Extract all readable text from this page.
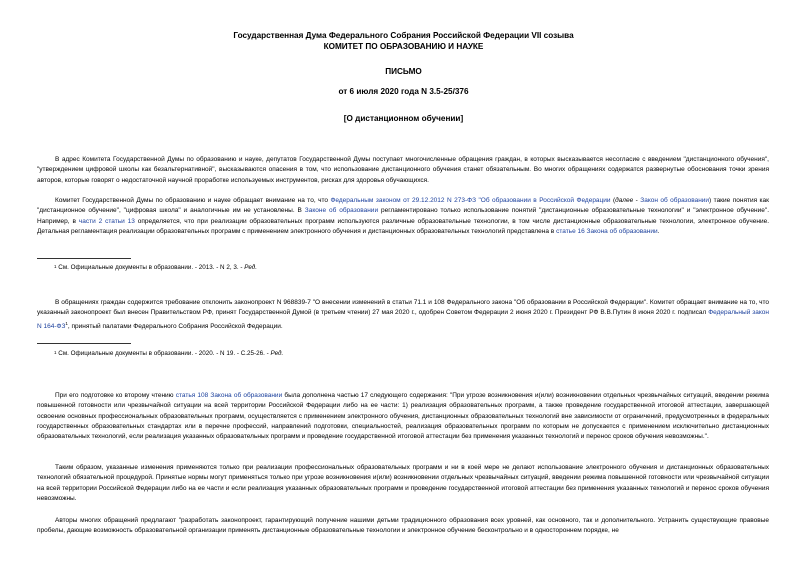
Государственная Дума Федерального Собрания Российской Федерации VII созыва
КОМИТЕТ ПО ОБРАЗОВАНИЮ И НАУКЕ
ПИСЬМО
от 6 июля 2020 года N 3.5-25/376
[О дистанционном обучении]

В адрес Комитета Государственной Думы по образованию и науке, депутатов Государственной Думы поступает многочисленные обращения граждан, в которых высказывается несогласие с введением "дистанционного обучения", "утверждением цифровой школы как безальтернативной", высказываются опасения в том, что использование дистанционного обучения станет обязательным. Во многих обращениях содержатся развернутые обоснования точки зрения авторов, которые говорят о недостаточной научной проработке используемых инструментов, рисках для здоровья обучающихся.

Комитет Государственной Думы по образованию и науке обращает внимание на то, что Федеральным законом от 29.12.2012 N 273-ФЗ "Об образовании в Российской Федерации (далее - Закон об образовании) такие понятия как "дистанционное обучение", "цифровая школа" и аналогичные им не установлены. В Законе об образовании регламентировано только использование понятий "дистанционные образовательные технологии" и "электронное обучение". Например, в части 2 статьи 13 определяется, что при реализации образовательных программ используются различные образовательные технологии, в том числе дистанционные образовательные технологии, электронное обучение. Детальная регламентация реализации образовательных программ с применением электронного обучения и дистанционных образовательных технологий представлена в статье 16 Закона об образовании.

$^1$ См. Официальные документы в образовании. - 2013. - N 2, 3. - Ред.

В обращениях граждан содержится требование отклонить законопроект N 968839-7 "О внесении изменений в статьи 71.1 и 108 Федерального закона "Об образовании в Российской Федерации". Комитет обращает внимание на то, что указанный законопроект был внесен Правительством РФ, принят Государственной Думой (в третьем чтении) 27 мая 2020 г., одобрен Советом Федерации 2 июня 2020 г. Президент РФ В.В.Путин 8 июня 2020 г. подписал Федеральный закон N $164-ФЗ^1$, принятый палатами Федерального Собрания Российской Федерации.

$^1$ См. Официальные документы в образовании. - 2020. - N 19. - С.25-26. - Ред.

При его подготовке ко второму чтению статья 108 Закона об образовании была дополнена частью 17 следующего содержания: "При угрозе возникновения и(или) возникновении отдельных чрезвычайных ситуаций, введении режима повышенной готовности или чрезвычайной ситуации на всей территории Российской Федерации либо на ее части: 1) реализация образовательных программ, а также проведение государственной итоговой аттестации, завершающей освоение основных профессиональных образовательных программ, осуществляется с применением электронного обучения, дистанционных образовательных технологий вне зависимости от ограничений, предусмотренных в федеральных государственных образовательных стандартах или в перечне профессий, направлений подготовки, специальностей, реализация образовательных программ по которым не допускается с применением исключительно дистанционных образовательных технологий, если реализация указанных образовательных программ и проведение государственной итоговой аттестации без применения указанных технологий и перенос сроков обучения невозможны.".

Таким образом, указанные изменения применяются только при реализации профессиональных образовательных программ и ни в коей мере не делают использование электронного обучения и дистанционных образовательных технологий обязательной процедурой. Принятые нормы могут применяться только при угрозе возникновения и(или) возникновении отдельных чрезвычайных ситуаций, введении режима повышенной готовности или чрезвычайной ситуации на всей территории Российской Федерации либо на ее части и если реализация указанных образовательных программ и проведение государственной итоговой аттестации без применения указанных технологий и перенос сроков обучения невозможны.

Авторы многих обращений предлагают "разработать законопроект, гарантирующий получение нашими детьми традиционного образования всех уровней, как основного, так и дополнительного. Устранить существующие правовые пробелы, дающие возможность образовательной организации применять дистанционные образовательные технологии и электронное обучение бесконтрольно и в одностороннем порядке, не
